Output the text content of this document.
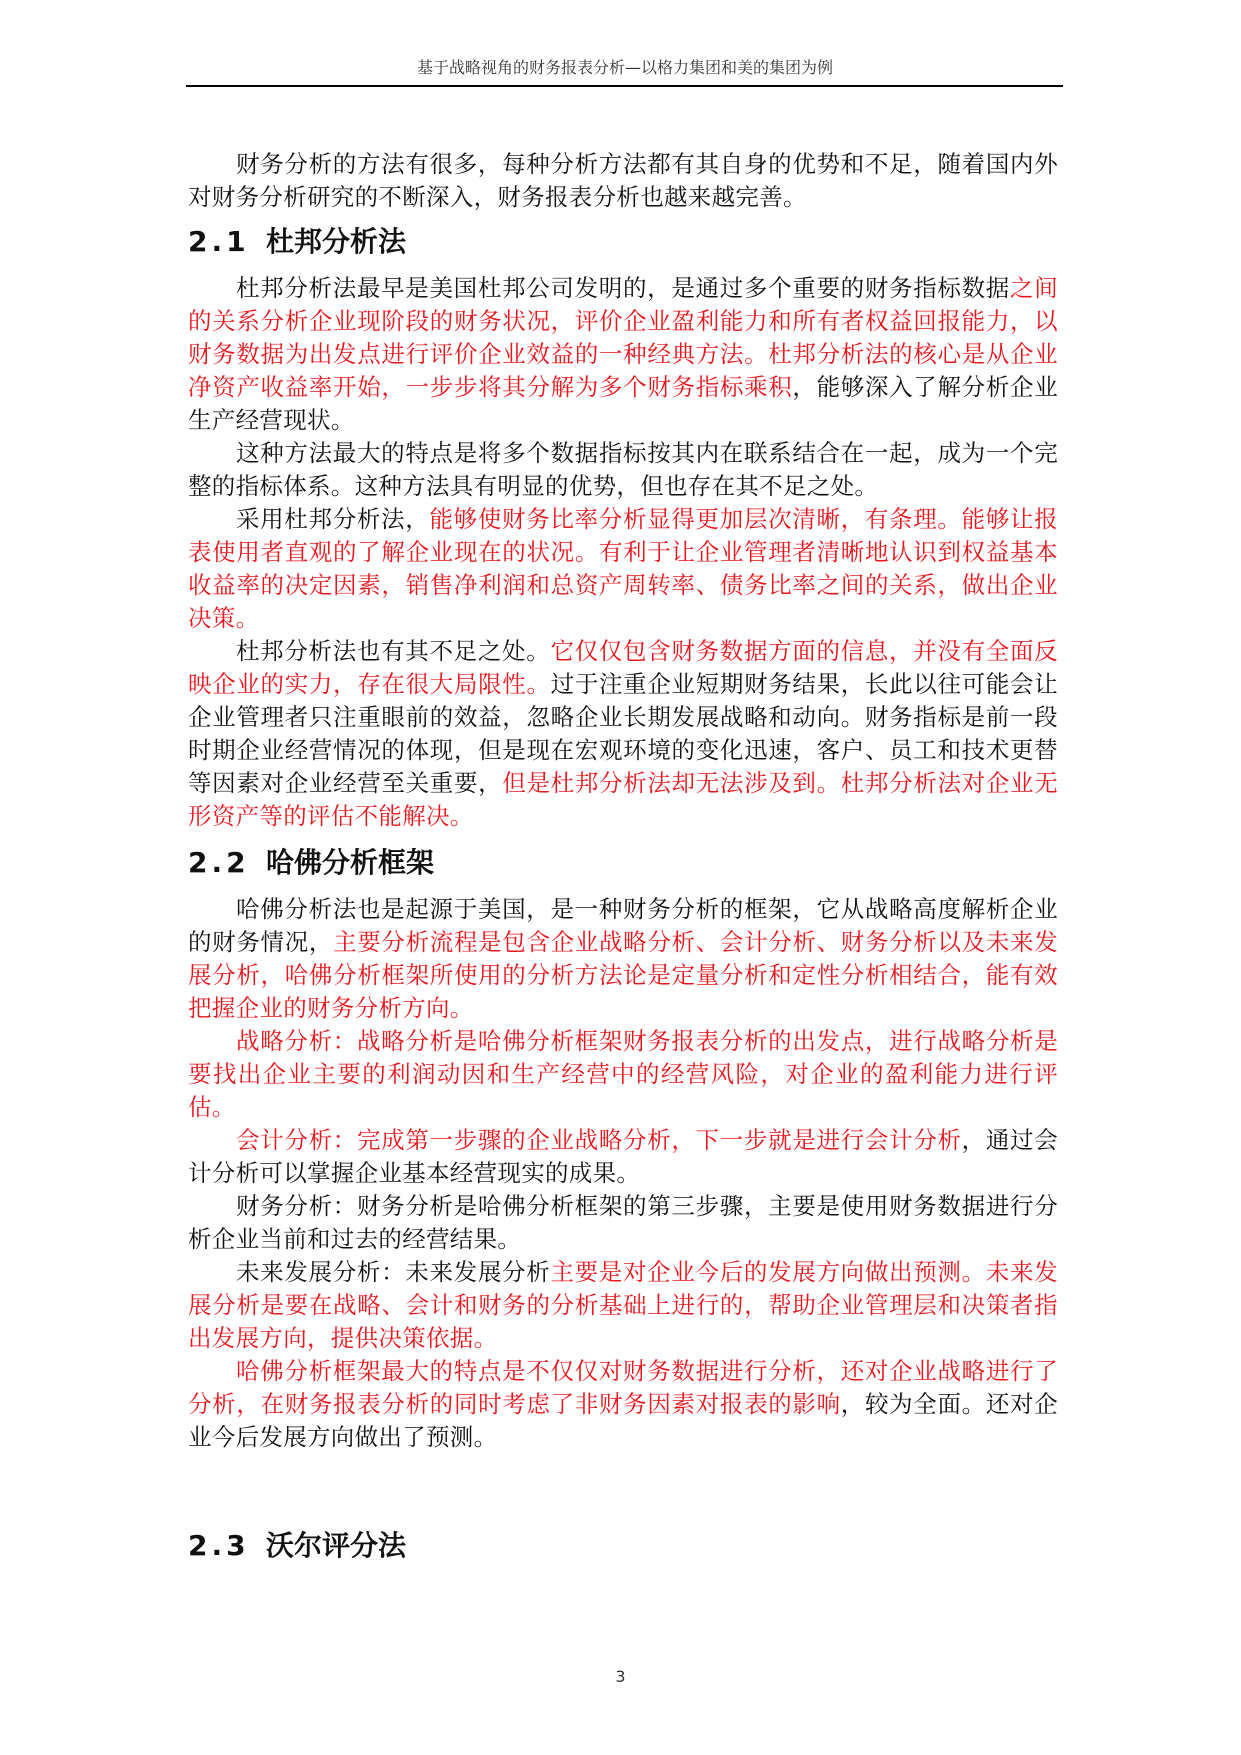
基于战略视角的财务报表分析—以格力集团和美的集团为例

财务分析的方法有很多，每种分析方法都有其自身的优势和不足，随着国内外对财务分析研究的不断深入，财务报表分析也越来越完善。

2.1 杜邦分析法

杜邦分析法最早是美国杜邦公司发明的，是通过多个重要的财务指标数据之间的关系分析企业现阶段的财务状况，评价企业盈利能力和所有者权益回报能力，以财务数据为出发点进行评价企业效益的一种经典方法。杜邦分析法的核心是从企业净资产收益率开始，一步步将其分解为多个财务指标乘积，能够深入了解分析企业生产经营现状。

这种方法最大的特点是将多个数据指标按其内在联系结合在一起，成为一个完整的指标体系。这种方法具有明显的优势，但也存在其不足之处。

采用杜邦分析法，能够使财务比率分析显得更加层次清晰，有条理。能够让报表使用者直观的了解企业现在的状况。有利于让企业管理者清晰地认识到权益基本收益率的决定因素，销售净利润和总资产周转率、债务比率之间的关系，做出企业决策。

杜邦分析法也有其不足之处。它仅仅包含财务数据方面的信息，并没有全面反映企业的实力，存在很大局限性。过于注重企业短期财务结果，长此以往可能会让企业管理者只注重眼前的效益，忽略企业长期发展战略和动向。财务指标是前一段时期企业经营情况的体现，但是现在宏观环境的变化迅速，客户、员工和技术更替等因素对企业经营至关重要，但是杜邦分析法却无法涉及到。杜邦分析法对企业无形资产等的评估不能解决。

2.2 哈佛分析框架

哈佛分析法也是起源于美国，是一种财务分析的框架，它从战略高度解析企业的财务情况，主要分析流程是包含企业战略分析、会计分析、财务分析以及未来发展分析，哈佛分析框架所使用的分析方法论是定量分析和定性分析相结合，能有效把握企业的财务分析方向。

战略分析：战略分析是哈佛分析框架财务报表分析的出发点，进行战略分析是要找出企业主要的利润动因和生产经营中的经营风险，对企业的盈利能力进行评估。

会计分析：完成第一步骤的企业战略分析，下一步就是进行会计分析，通过会计分析可以掌握企业基本经营现实的成果。

财务分析：财务分析是哈佛分析框架的第三步骤，主要是使用财务数据进行分析企业当前和过去的经营结果。

未来发展分析：未来发展分析主要是对企业今后的发展方向做出预测。未来发展分析是要在战略、会计和财务的分析基础上进行的，帮助企业管理层和决策者指出发展方向，提供决策依据。

哈佛分析框架最大的特点是不仅仅对财务数据进行分析，还对企业战略进行了分析，在财务报表分析的同时考虑了非财务因素对报表的影响，较为全面。还对企业今后发展方向做出了预测。

2.3 沃尔评分法
3
